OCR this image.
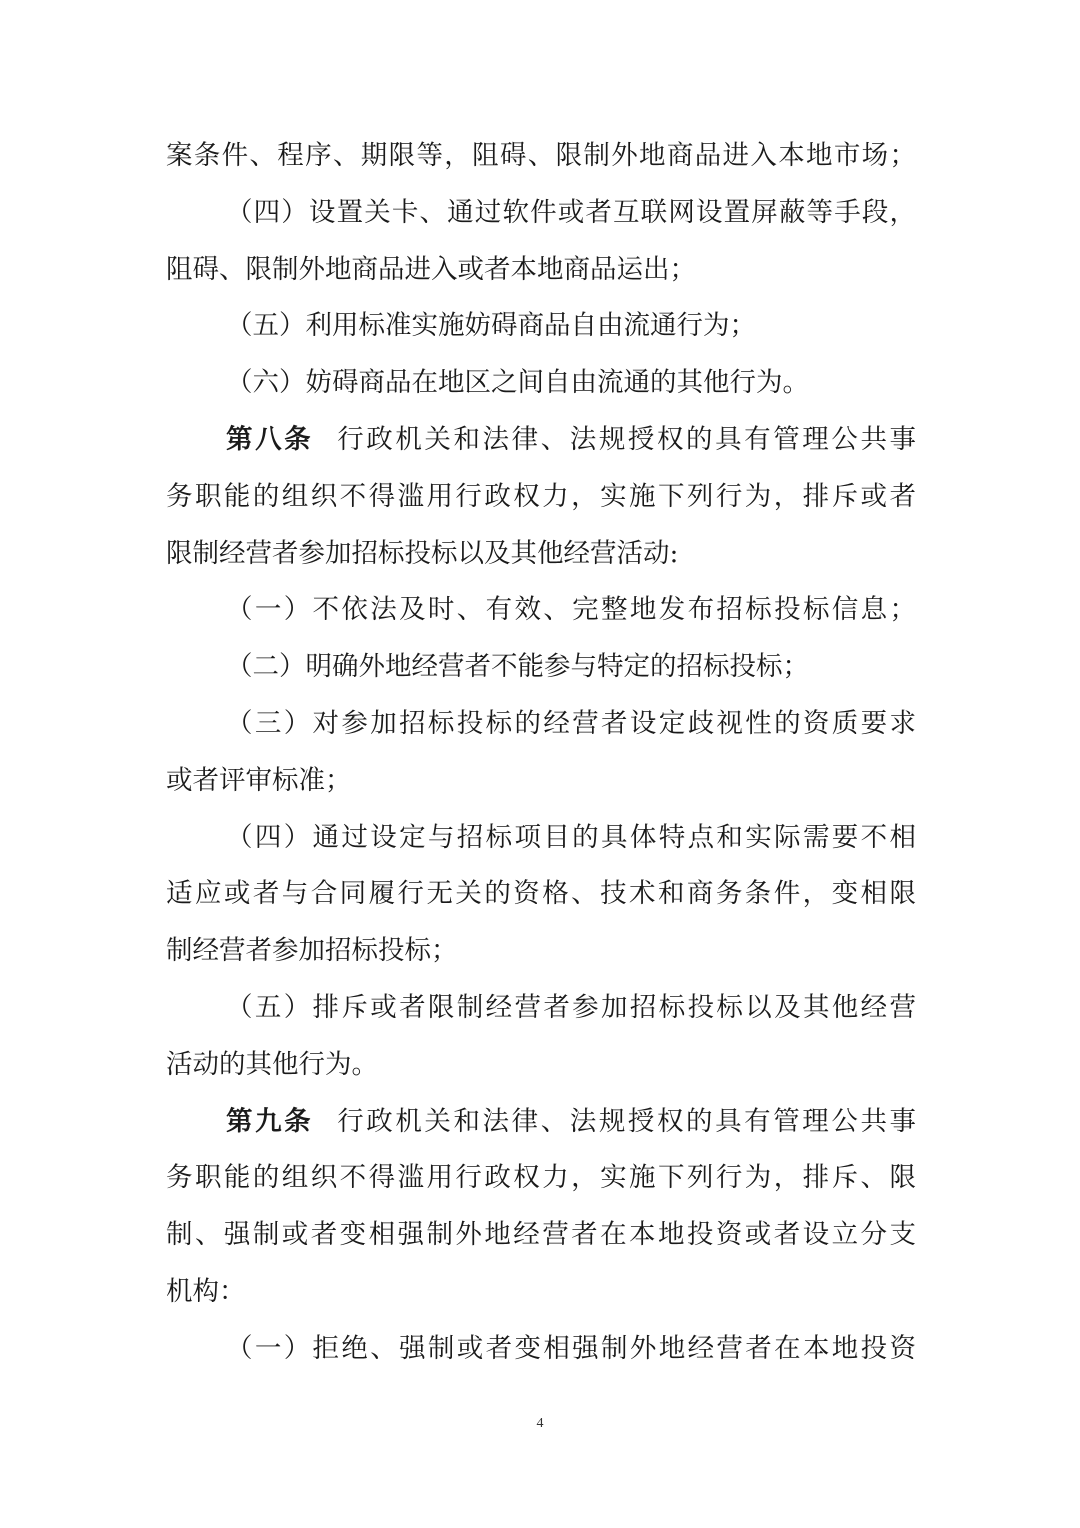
案条件、程序、期限等，阻碍、限制外地商品进入本地市场；
（四）设置关卡、通过软件或者互联网设置屏蔽等手段，
阻碍、限制外地商品进入或者本地商品运出；
（五）利用标准实施妨碍商品自由流通行为；
（六）妨碍商品在地区之间自由流通的其他行为。
第八条 行政机关和法律、法规授权的具有管理公共事
务职能的组织不得滥用行政权力，实施下列行为，排斥或者
限制经营者参加招标投标以及其他经营活动:
（一）不依法及时、有效、完整地发布招标投标信息；
（二）明确外地经营者不能参与特定的招标投标；
（三）对参加招标投标的经营者设定歧视性的资质要求
或者评审标准；
（四）通过设定与招标项目的具体特点和实际需要不相
适应或者与合同履行无关的资格、技术和商务条件，变相限
制经营者参加招标投标；
（五）排斥或者限制经营者参加招标投标以及其他经营
活动的其他行为。
第九条 行政机关和法律、法规授权的具有管理公共事
务职能的组织不得滥用行政权力，实施下列行为，排斥、限
制、强制或者变相强制外地经营者在本地投资或者设立分支
机构：
（一）拒绝、强制或者变相强制外地经营者在本地投资
4
